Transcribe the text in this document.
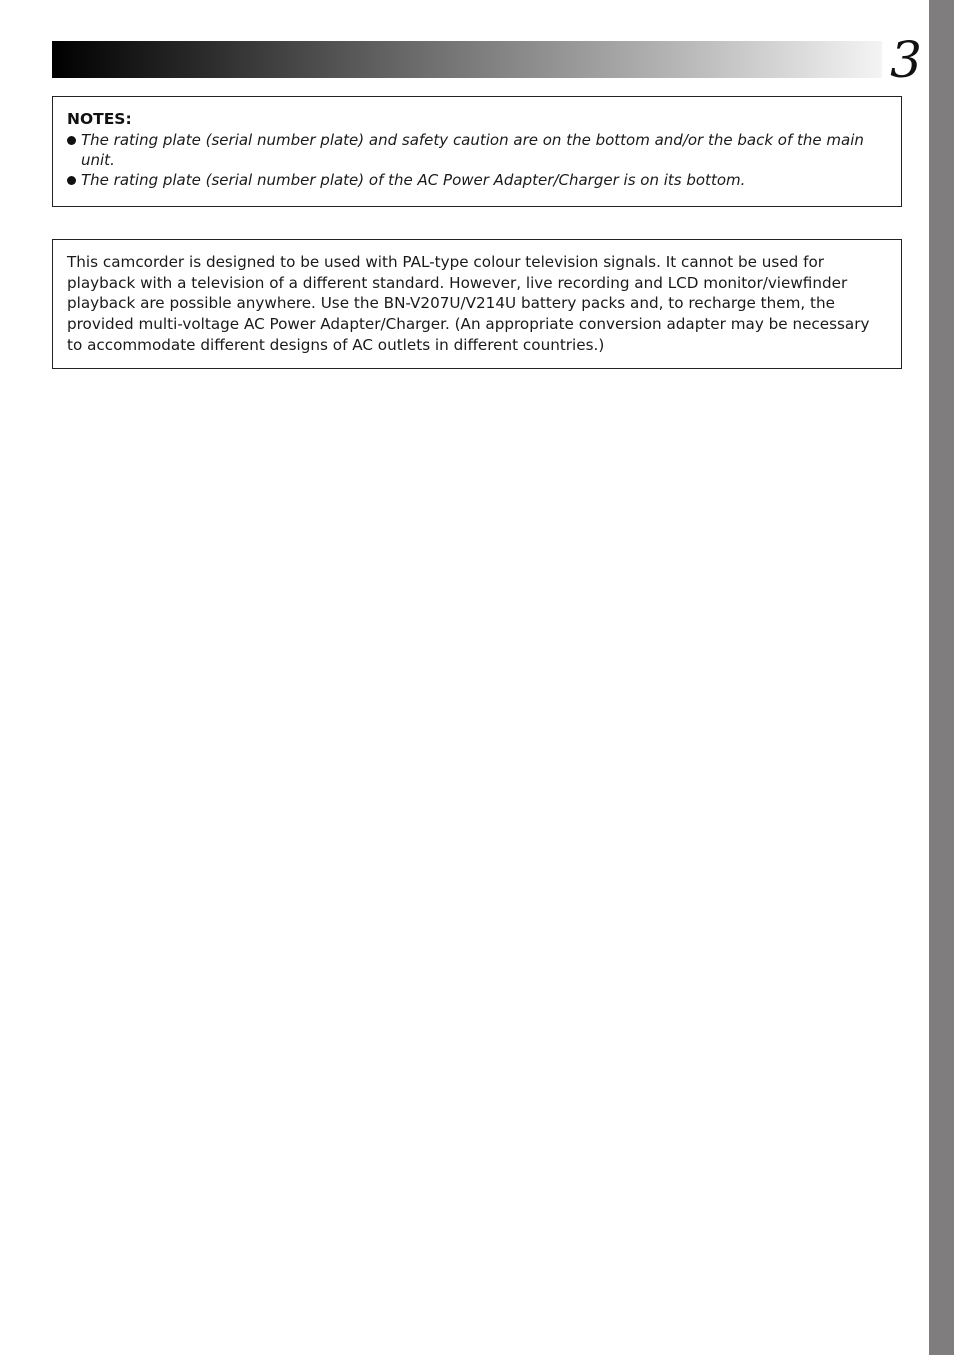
3
NOTES:
The rating plate (serial number plate) and safety caution are on the bottom and/or the back of the main unit.
The rating plate (serial number plate) of the AC Power Adapter/Charger is on its bottom.
This camcorder is designed to be used with PAL-type colour television signals. It cannot be used for playback with a television of a different standard. However, live recording and LCD monitor/viewfinder playback are possible anywhere. Use the BN-V207U/V214U battery packs and, to recharge them, the provided multi-voltage AC Power Adapter/Charger. (An appropriate conversion adapter may be necessary to accommodate different designs of AC outlets in different countries.)
